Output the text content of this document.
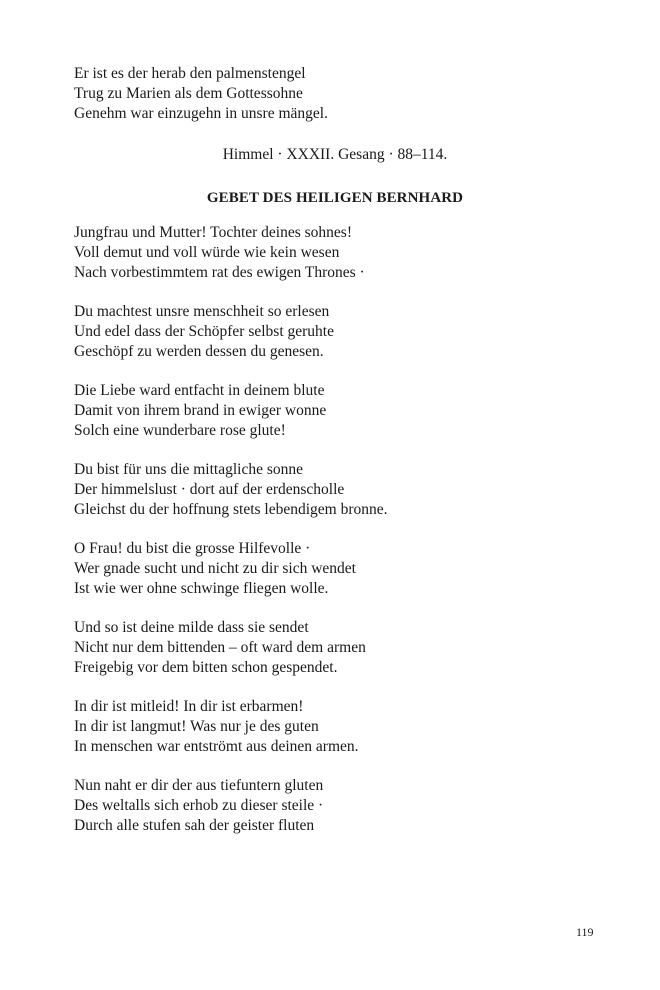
Er ist es der herab den palmenstengel
Trug zu Marien als dem Gottessohne
Genehm war einzugehn in unsre mängel.
Himmel · XXXII. Gesang · 88–114.
GEBET DES HEILIGEN BERNHARD
Jungfrau und Mutter! Tochter deines sohnes!
Voll demut und voll würde wie kein wesen
Nach vorbestimmtem rat des ewigen Thrones ·
Du machtest unsre menschheit so erlesen
Und edel dass der Schöpfer selbst geruhte
Geschöpf zu werden dessen du genesen.
Die Liebe ward entfacht in deinem blute
Damit von ihrem brand in ewiger wonne
Solch eine wunderbare rose glute!
Du bist für uns die mittagliche sonne
Der himmelslust · dort auf der erdenscholle
Gleichst du der hoffnung stets lebendigem bronne.
O Frau! du bist die grosse Hilfevolle ·
Wer gnade sucht und nicht zu dir sich wendet
Ist wie wer ohne schwinge fliegen wolle.
Und so ist deine milde dass sie sendet
Nicht nur dem bittenden – oft ward dem armen
Freigebig vor dem bitten schon gespendet.
In dir ist mitleid! In dir ist erbarmen!
In dir ist langmut! Was nur je des guten
In menschen war entströmt aus deinen armen.
Nun naht er dir der aus tiefuntern gluten
Des weltalls sich erhob zu dieser steile ·
Durch alle stufen sah der geister fluten
119
